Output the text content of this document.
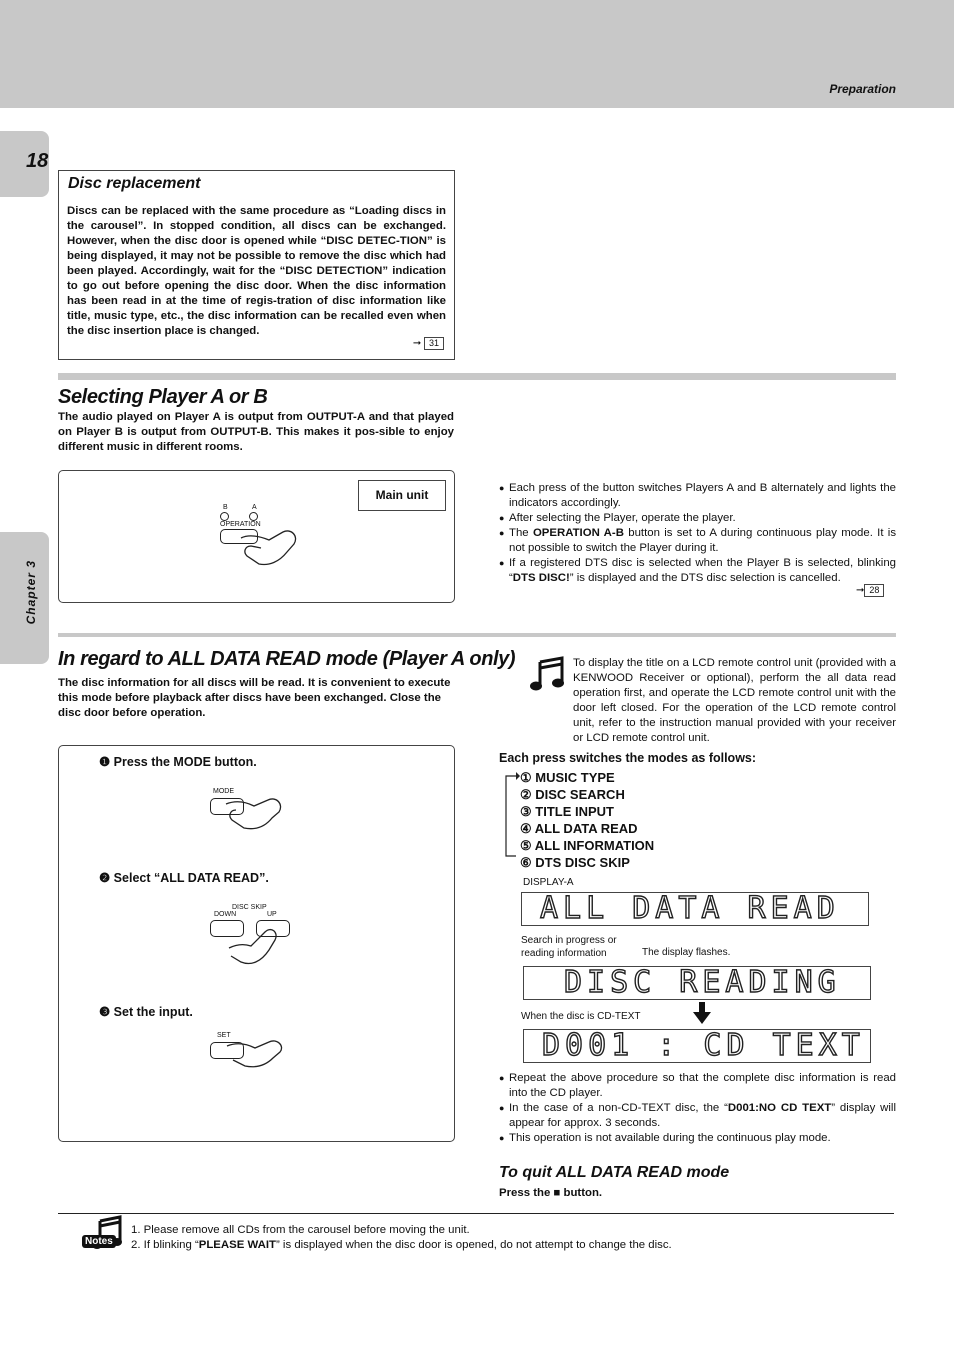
Preparation
18
Chapter 3
Disc replacement
Discs can be replaced with the same procedure as “Loading discs in the carousel”. In stopped condition, all discs can be exchanged. However, when the disc door is opened while “DISC DETEC-TION” is being displayed, it may not be possible to remove the disc which had been played. Accordingly, wait for the “DISC DETECTION” indication to go out before opening the disc door. When the disc information has been read in at the time of regis-tration of disc information like title, music type, etc., the disc information can be recalled even when the disc insertion place is changed.
➞ 31
Selecting Player A or B
The audio played on Player A is output from OUTPUT-A and that played on Player B is output from OUTPUT-B. This makes it pos-sible to enjoy different music in different rooms.
Main unit
B	A
OPERATION
● Each press of the button switches Players A and B alternately and lights the indicators accordingly.
● After selecting the Player, operate the player.
● The OPERATION A-B button is set to A during continuous play mode. It is not possible to switch the Player during it.
● If a registered DTS disc is selected when the Player B is selected, blinking “DTS DISC!” is displayed and the DTS disc selection is cancelled.
➞ 28
In regard to ALL DATA READ mode (Player A only)
The disc information for all discs will be read. It is convenient to execute this mode before playback after discs have been exchanged. Close the disc door before operation.
❶ Press the MODE button.
MODE
❷ Select “ALL DATA READ”.
DISC SKIP
DOWN	UP
❸ Set the input.
SET
To display the title on a LCD remote control unit (provided with a KENWOOD Receiver or optional), perform the all data read operation first, and operate the LCD remote control unit with the door left closed. For the operation of the LCD remote control unit, refer to the instruction manual provided with your receiver or LCD remote control unit.
Each press switches the modes as follows:
① MUSIC TYPE
② DISC SEARCH
③ TITLE INPUT
④ ALL DATA READ
⑤ ALL INFORMATION
⑥ DTS DISC SKIP
DISPLAY-A
ALL DATA READ
Search in progress or reading information	The display flashes.
DISC READING
When the disc is CD-TEXT
D001 : CD TEXT
● Repeat the above procedure so that the complete disc information is read into the CD player.
● In the case of a non-CD-TEXT disc, the “D001:NO CD TEXT” display will appear for approx. 3 seconds.
● This operation is not available during the continuous play mode.
To quit ALL DATA READ mode
Press the ■ button.
Notes
1. Please remove all CDs from the carousel before moving the unit.
2. If blinking “PLEASE WAIT” is displayed when the disc door is opened, do not attempt to change the disc.
